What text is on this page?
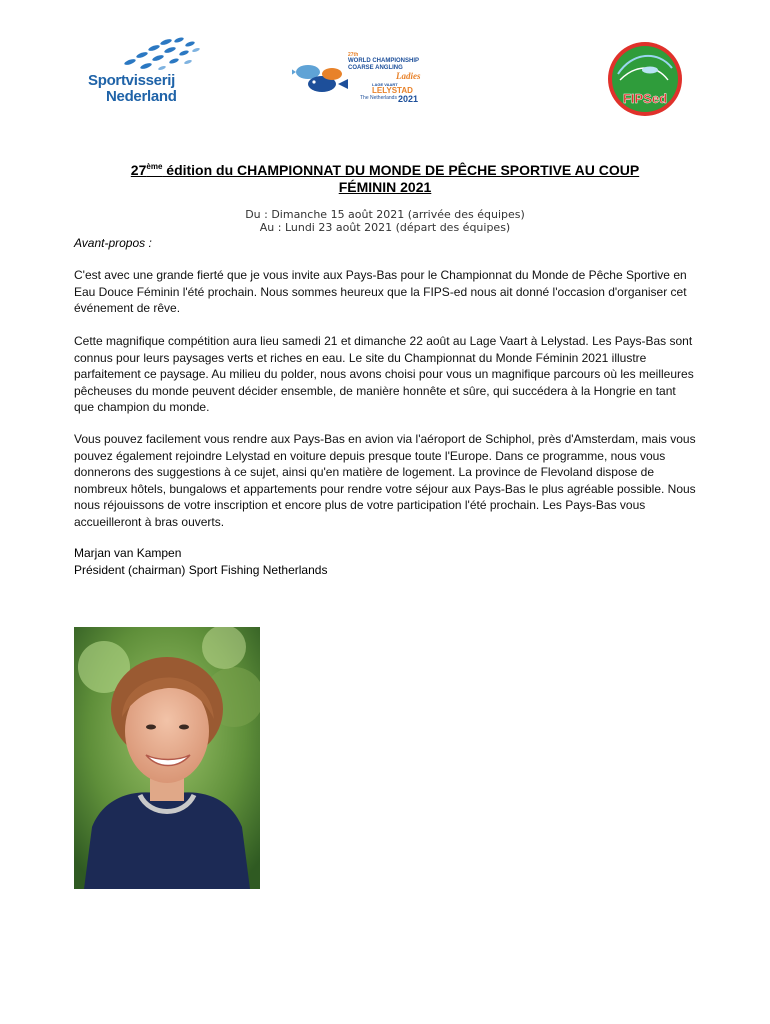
Sportvisserij
Nederland
27th
WORLD CHAMPIONSHIP
COARSE ANGLING
Ladies
LAGE VAART
LELYSTAD
The Netherlands 2021	FIPSed
27ème édition du CHAMPIONNAT DU MONDE DE PÊCHE SPORTIVE AU COUP
FÉMININ 2021
Du : Dimanche 15 août 2021 (arrivée des équipes)
Au : Lundi 23 août 2021 (départ des équipes)
Avant-propos :
C'est avec une grande fierté que je vous invite aux Pays-Bas pour le Championnat du Monde de Pêche Sportive en Eau Douce Féminin l'été prochain. Nous sommes heureux que la FIPS-ed nous ait donné l'occasion d'organiser cet événement de rêve.
Cette magnifique compétition aura lieu samedi 21 et dimanche 22 août au Lage Vaart à Lelystad. Les Pays-Bas sont connus pour leurs paysages verts et riches en eau. Le site du Championnat du Monde Féminin 2021 illustre parfaitement ce paysage. Au milieu du polder, nous avons choisi pour vous un magnifique parcours où les meilleures pêcheuses du monde peuvent décider ensemble, de manière honnête et sûre, qui succédera à la Hongrie en tant que champion du monde.
Vous pouvez facilement vous rendre aux Pays-Bas en avion via l'aéroport de Schiphol, près d'Amsterdam, mais vous pouvez également rejoindre Lelystad en voiture depuis presque toute l'Europe. Dans ce programme, nous vous donnerons des suggestions à ce sujet, ainsi qu'en matière de logement. La province de Flevoland dispose de nombreux hôtels, bungalows et appartements pour rendre votre séjour aux Pays-Bas le plus agréable possible. Nous nous réjouissons de votre inscription et encore plus de votre participation l'été prochain. Les Pays-Bas vous accueilleront à bras ouverts.
Marjan van Kampen
Président (chairman) Sport Fishing Netherlands
